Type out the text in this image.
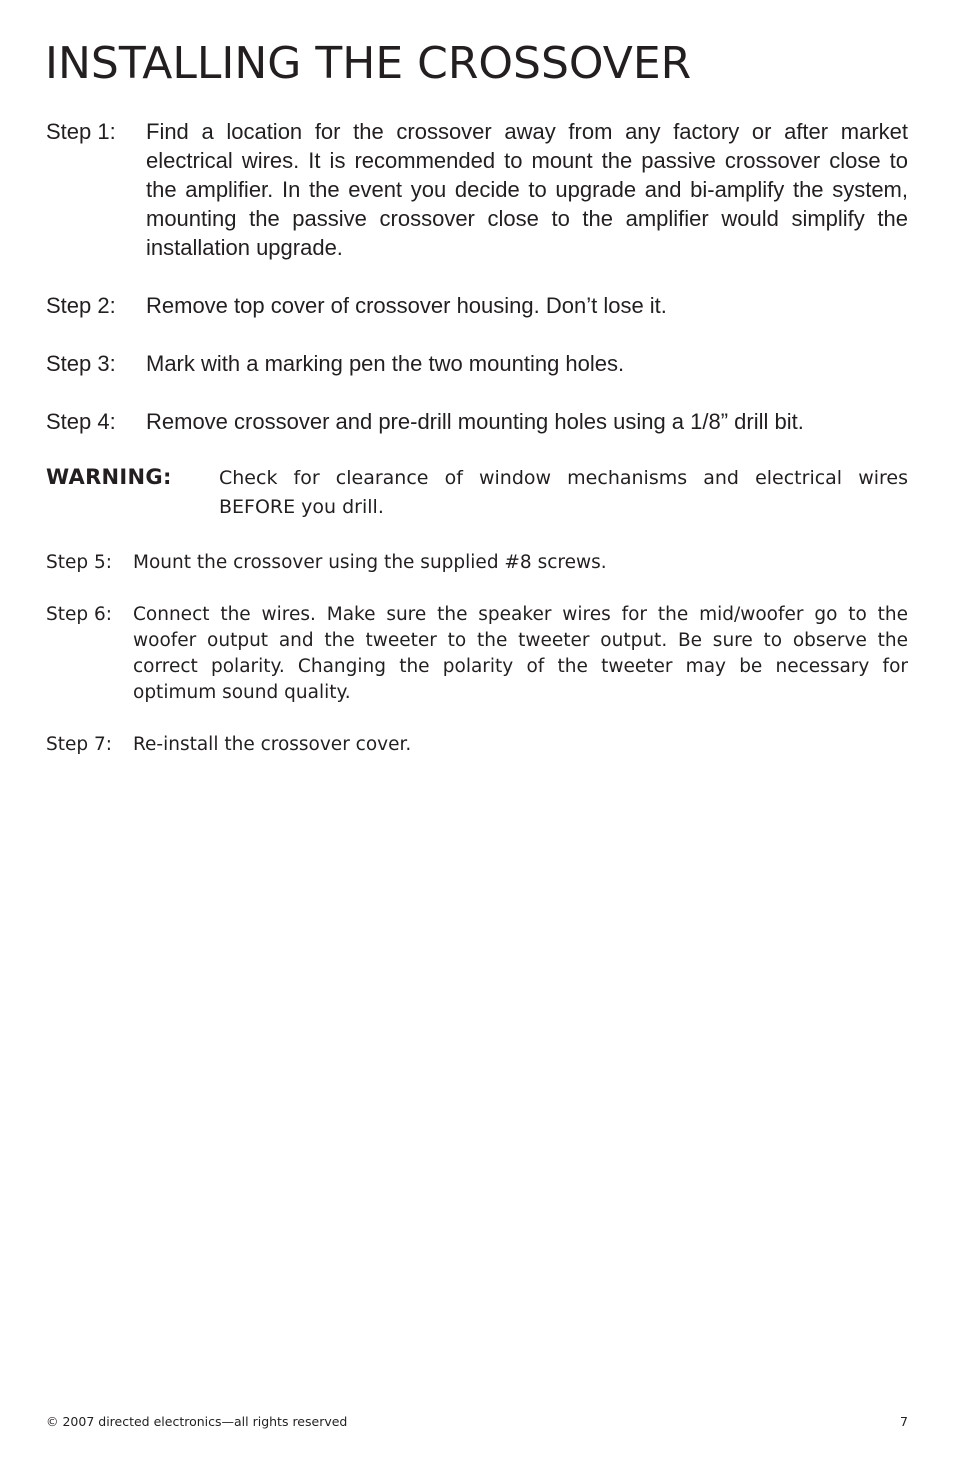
INSTALLING THE CROSSOVER
Step 1:	Find a location for the crossover away from any factory or after market electrical wires. It is recommended to mount the passive crossover close to the amplifier. In the event you decide to upgrade and bi-amplify the system, mounting the passive crossover close to the amplifier would simplify the installation upgrade.
Step 2:	Remove top cover of crossover housing. Don’t lose it.
Step 3:	Mark with a marking pen the two mounting holes.
Step 4:	Remove crossover and pre-drill mounting holes using a 1/8” drill bit.
WARNING:	Check for clearance of window mechanisms and electrical wires BEFORE you drill.
Step 5:	Mount the crossover using the supplied #8 screws.
Step 6:	Connect the wires. Make sure the speaker wires for the mid/woofer go to the woofer output and the tweeter to the tweeter output. Be sure to observe the correct polarity. Changing the polarity of the tweeter may be necessary for optimum sound quality.
Step 7:	Re-install the crossover cover.
© 2007 directed electronics—all rights reserved	7
